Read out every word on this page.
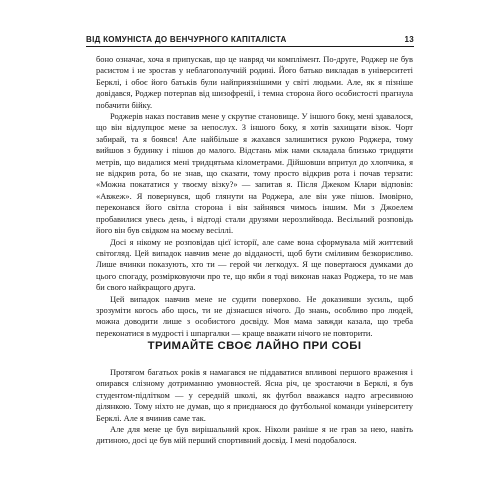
ВІД КОМУНІСТА ДО ВЕНЧУРНОГО КАПІТАЛІСТА	13

боно означає, хоча я припускав, що це навряд чи комплімент. По-друге, Роджер не був расистом і не зростав у неблагополучній родині. Його батько викладав в університеті Берклі, і обоє його батьків були найприязнішими у світі людьми. Але, як я пізніше довідався, Роджер потерпав від шизофренії, і темна сторона його особистості прагнула побачити бійку.

Роджерів наказ поставив мене у скрутне становище. У іншого боку, мені здавалося, що він відлупцює мене за непослух. З іншого боку, я хотів захищати візок. Чорт забирай, та я боявся! Але найбільше я жахався залишитися рукою Роджера, тому вийшов з будинку і пішов до малого. Відстань між нами складала близько тридцяти метрів, що видалися мені тридцятьма кілометрами. Дійшовши впритул до хлопчика, я не відкрив рота, бо не знав, що сказати, тому просто відкрив рота і почав терзати: «Можна покататися у твоєму візку?» — запитав я. Після Джеком Клари відповів: «Авжеж». Я повернувся, щоб глянути на Роджера, але він уже пішов. Імовірно, переконався його світла сторона і він зайнявся чимось іншим. Ми з Джоелем пробавилися увесь день, і відтоді стали друзями нерозлийвода. Весільний розповідь його він був свідком на моєму весіллі.

Досі я нікому не розповідав цієї історії, але саме вона сформувала мій життєвий світогляд. Цей випадок навчив мене до відданості, щоб бути сміливим безкорисливо. Лише вчинки показують, хто ти — герой чи легкодух. Я ще повертаюся думками до цього спогаду, розмірковуючи про те, що якби я тоді виконав наказ Роджера, то не мав би свого найкращого друга.

Цей випадок навчив мене не судити поверхово. Не доказивши зусиль, щоб зрозуміти когось або щось, ти не дізнаєшся нічого. До знань, особливо про людей, можна доводити лише з особистого досвіду. Моя мама завжди казала, що треба переконатися в мудрості і шпаргалки — краще вважати нічого не повторити.

ТРИМАЙТЕ СВОЄ ЛАЙНО ПРИ СОБІ

Протягом багатьох років я намагався не піддаватися впливові першого враження і опирався слізному дотриманню умовностей. Ясна річ, це зростаючи в Берклі, я був студентом-підлітком — у середній школі, як футбол вважався надто агресивною ділянкою. Тому ніхто не думав, що я приєднаюся до футбольної команди університету Берклі. Але я вчинив саме так.

Але для мене це був вирішальний крок. Ніколи раніше я не грав за нею, навіть дитиною, досі це був мій перший спортивний досвід. І мені подобалося.
